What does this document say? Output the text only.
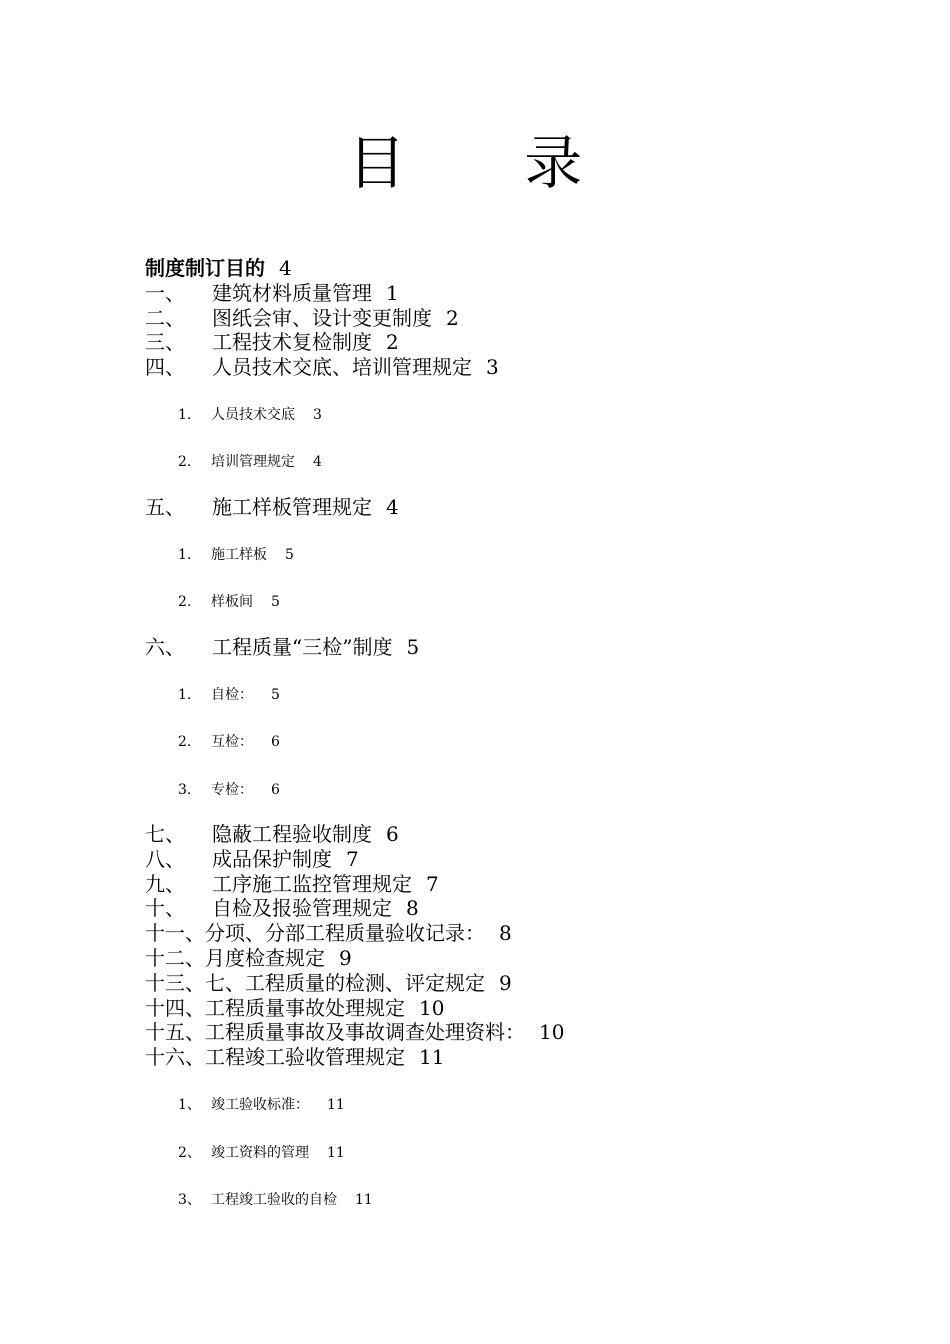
目 录
制度制订目的 4
一、	建筑材料质量管理 1
二、	图纸会审、设计变更制度 2
三、	工程技术复检制度 2
四、	人员技术交底、培训管理规定 3
1.	人员技术交底 3
2.	培训管理规定 4
五、	施工样板管理规定 4
1.	施工样板 5
2.	样板间 5
六、	工程质量“三检”制度 5
1.	自检： 5
2.	互检： 6
3.	专检： 6
七、	隐蔽工程验收制度 6
八、	成品保护制度 7
九、	工序施工监控管理规定 7
十、	自检及报验管理规定 8
十一、 分项、分部工程质量验收记录： 8
十二、 月度检查规定 9
十三、 七、工程质量的检测、评定规定 9
十四、 工程质量事故处理规定 10
十五、 工程质量事故及事故调查处理资料： 10
十六、 工程竣工验收管理规定 11
1、 竣工验收标准： 11
2、 竣工资料的管理 11
3、 工程竣工验收的自检 11
